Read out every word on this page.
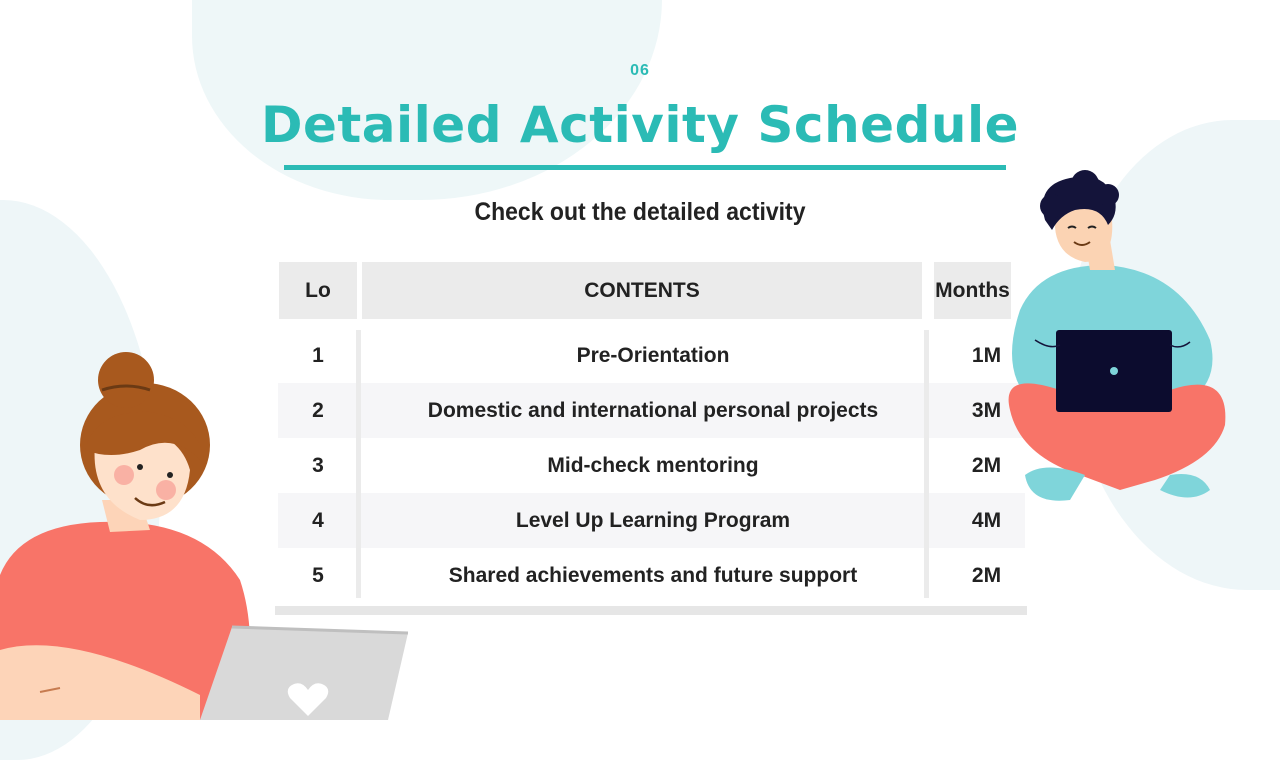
06
Detailed Activity Schedule
Check out the detailed activity
Lo	CONTENTS	Months
1	Pre-Orientation	1M
2	Domestic and international personal projects	3M
3	Mid-check mentoring	2M
4	Level Up Learning Program	4M
5	Shared achievements and future support	2M
